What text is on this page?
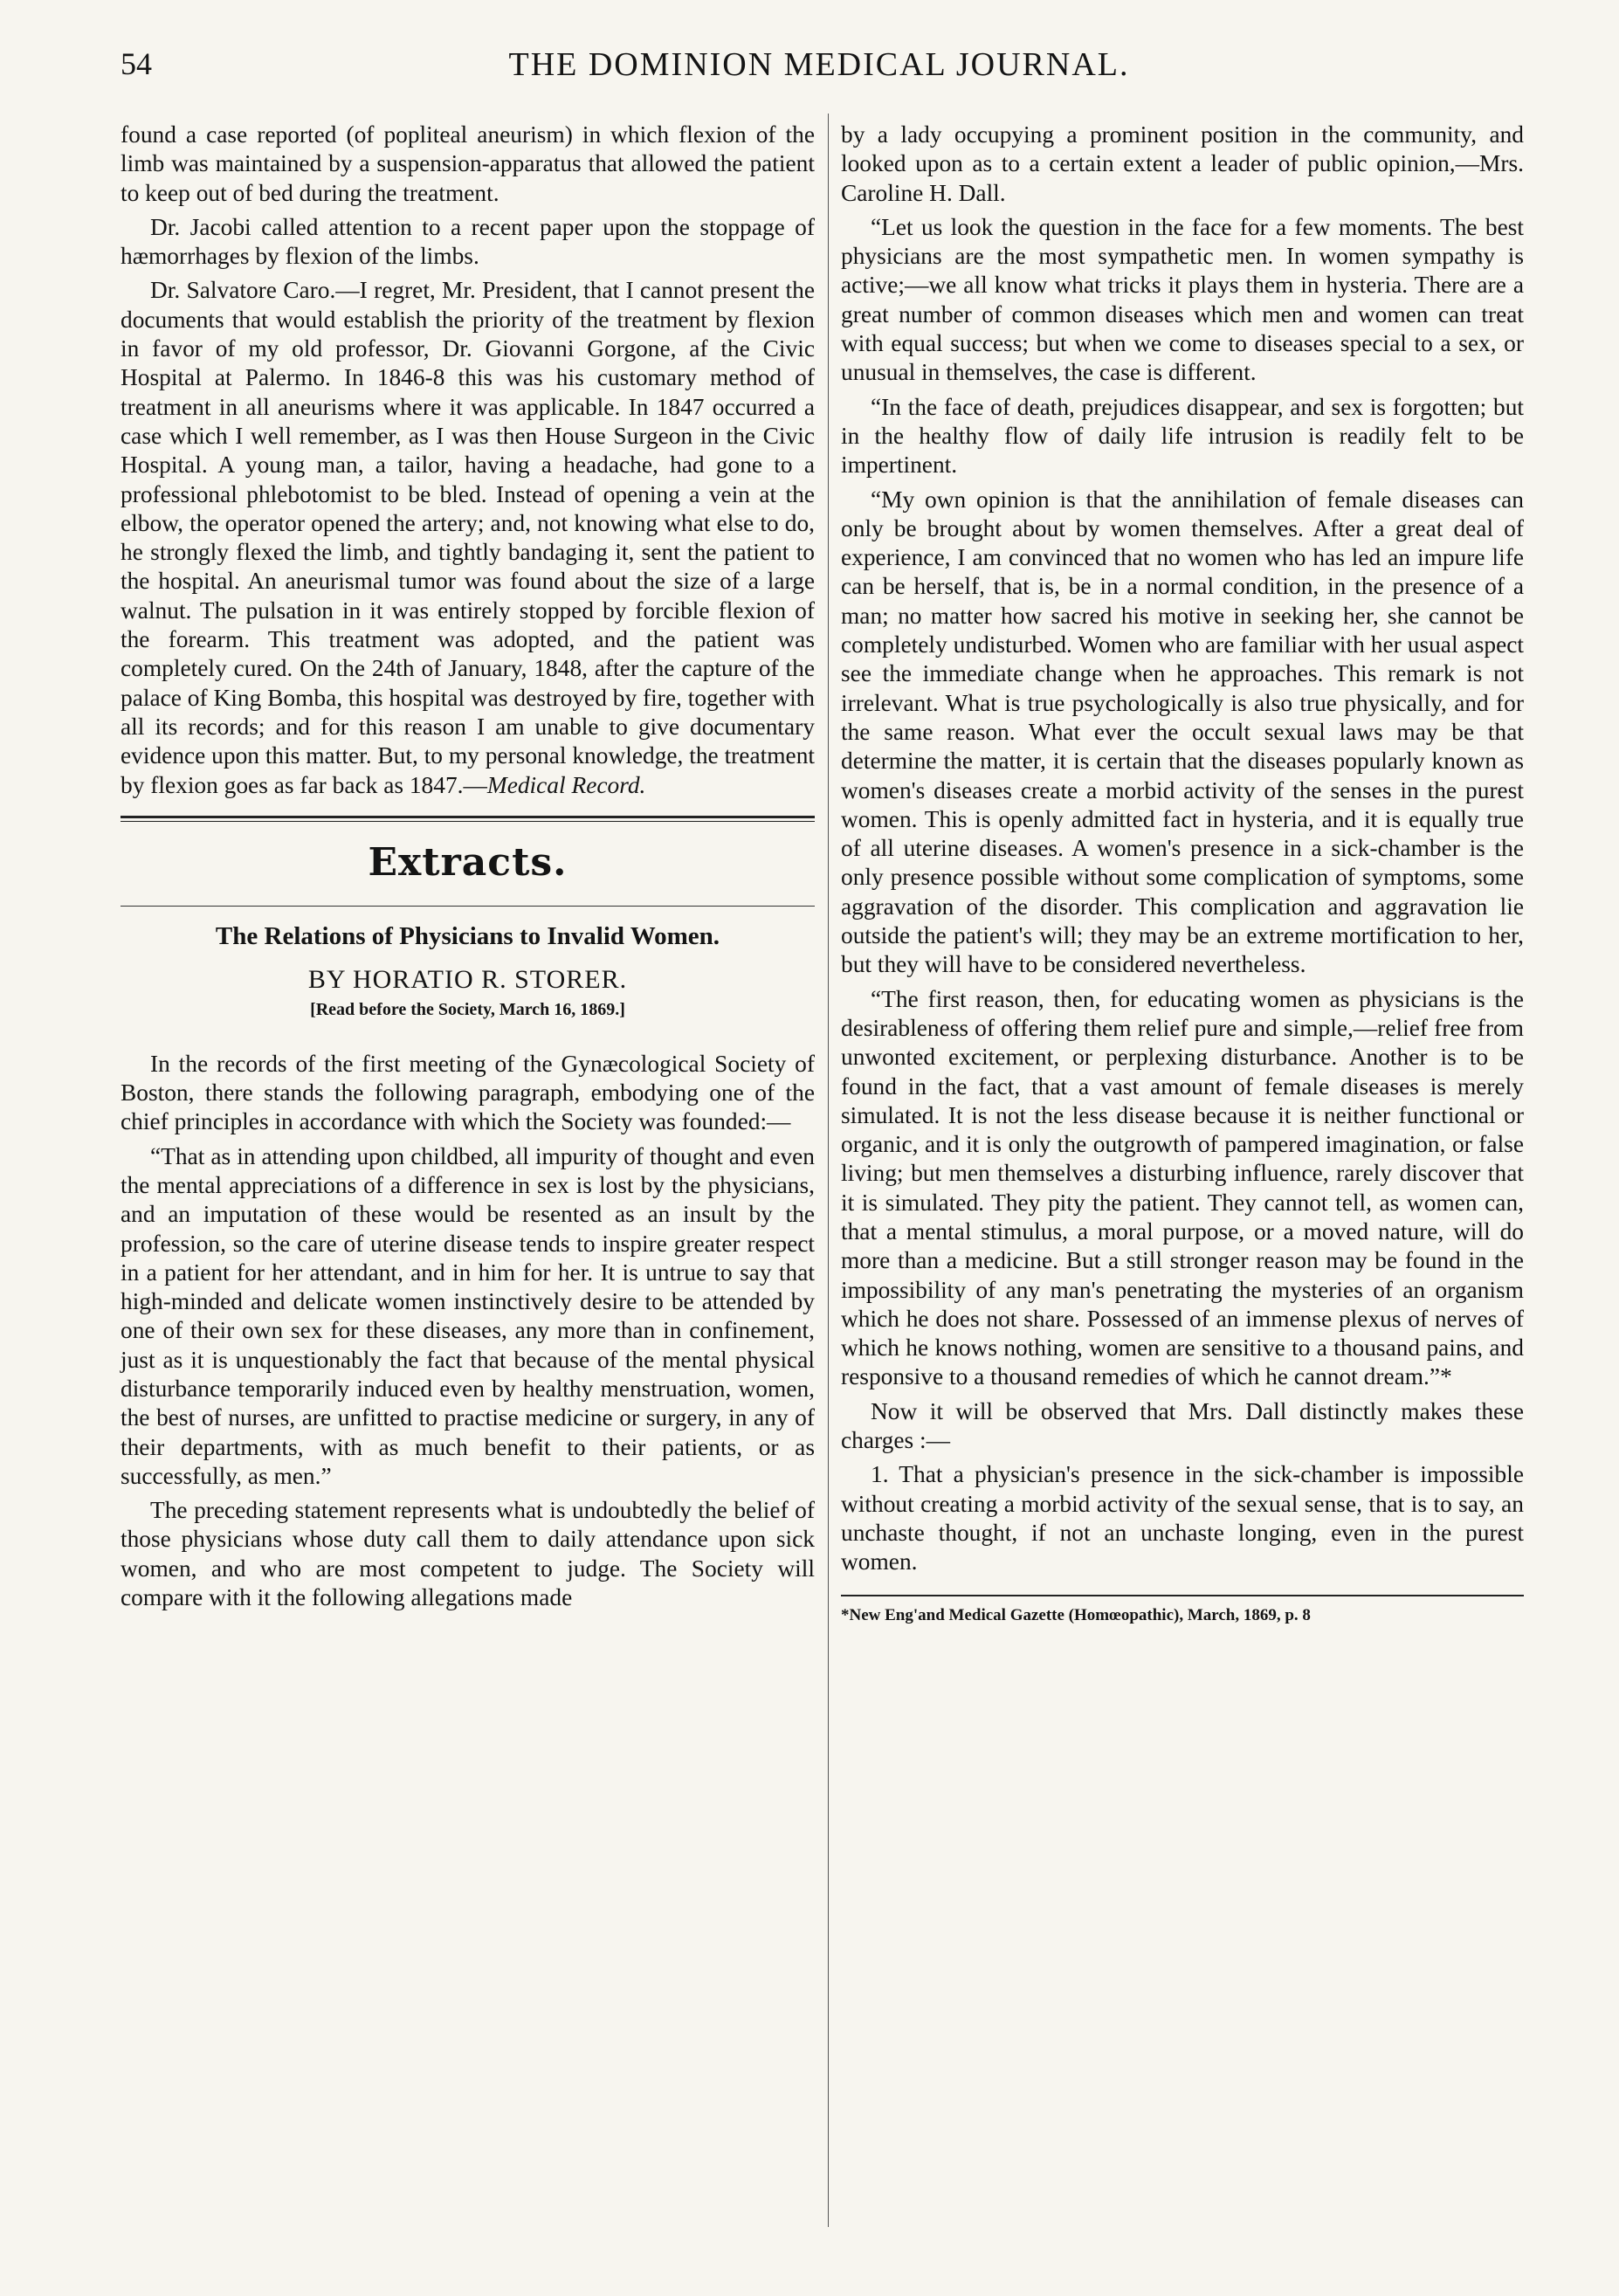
54	THE DOMINION MEDICAL JOURNAL.

found a case reported (of popliteal aneurism) in which flexion of the limb was maintained by a suspension-apparatus that allowed the patient to keep out of bed during the treatment.

Dr. Jacobi called attention to a recent paper upon the stoppage of hæmorrhages by flexion of the limbs.

Dr. Salvatore Caro.—I regret, Mr. President, that I cannot present the documents that would establish the priority of the treatment by flexion in favor of my old professor, Dr. Giovanni Gorgone, af the Civic Hospital at Palermo. In 1846-8 this was his customary method of treatment in all aneurisms where it was applicable. In 1847 occurred a case which I well remember, as I was then House Surgeon in the Civic Hospital. A young man, a tailor, having a headache, had gone to a professional phlebotomist to be bled. Instead of opening a vein at the elbow, the operator opened the artery; and, not knowing what else to do, he strongly flexed the limb, and tightly bandaging it, sent the patient to the hospital. An aneurismal tumor was found about the size of a large walnut. The pulsation in it was entirely stopped by forcible flexion of the forearm. This treatment was adopted, and the patient was completely cured. On the 24th of January, 1848, after the capture of the palace of King Bomba, this hospital was destroyed by fire, together with all its records; and for this reason I am unable to give documentary evidence upon this matter. But, to my personal knowledge, the treatment by flexion goes as far back as 1847.—Medical Record.

Extracts.
The Relations of Physicians to Invalid Women.
BY HORATIO R. STORER.
[Read before the Society, March 16, 1869.]

In the records of the first meeting of the Gynæcological Society of Boston, there stands the following paragraph, embodying one of the chief principles in accordance with which the Society was founded:—

“That as in attending upon childbed, all impurity of thought and even the mental appreciations of a difference in sex is lost by the physicians, and an imputation of these would be resented as an insult by the profession, so the care of uterine disease tends to inspire greater respect in a patient for her attendant, and in him for her. It is untrue to say that high-minded and delicate women instinctively desire to be attended by one of their own sex for these diseases, any more than in confinement, just as it is unquestionably the fact that because of the mental physical disturbance temporarily induced even by healthy menstruation, women, the best of nurses, are unfitted to practise medicine or surgery, in any of their departments, with as much benefit to their patients, or as successfully, as men.”

The preceding statement represents what is undoubtedly the belief of those physicians whose duty call them to daily attendance upon sick women, and who are most competent to judge. The Society will compare with it the following allegations made

by a lady occupying a prominent position in the community, and looked upon as to a certain extent a leader of public opinion,—Mrs. Caroline H. Dall.

“Let us look the question in the face for a few moments. The best physicians are the most sympathetic men. In women sympathy is active;—we all know what tricks it plays them in hysteria. There are a great number of common diseases which men and women can treat with equal success; but when we come to diseases special to a sex, or unusual in themselves, the case is different.

“In the face of death, prejudices disappear, and sex is forgotten; but in the healthy flow of daily life intrusion is readily felt to be impertinent.

“My own opinion is that the annihilation of female diseases can only be brought about by women themselves. After a great deal of experience, I am convinced that no women who has led an impure life can be herself, that is, be in a normal condition, in the presence of a man; no matter how sacred his motive in seeking her, she cannot be completely undisturbed. Women who are familiar with her usual aspect see the immediate change when he approaches. This remark is not irrelevant. What is true psychologically is also true physically, and for the same reason. What ever the occult sexual laws may be that determine the matter, it is certain that the diseases popularly known as women's diseases create a morbid activity of the senses in the purest women. This is openly admitted fact in hysteria, and it is equally true of all uterine diseases. A women's presence in a sick-chamber is the only presence possible without some complication of symptoms, some aggravation of the disorder. This complication and aggravation lie outside the patient's will; they may be an extreme mortification to her, but they will have to be considered nevertheless.

“The first reason, then, for educating women as physicians is the desirableness of offering them relief pure and simple,—relief free from unwonted excitement, or perplexing disturbance. Another is to be found in the fact, that a vast amount of female diseases is merely simulated. It is not the less disease because it is neither functional or organic, and it is only the outgrowth of pampered imagination, or false living; but men themselves a disturbing influence, rarely discover that it is simulated. They pity the patient. They cannot tell, as women can, that a mental stimulus, a moral purpose, or a moved nature, will do more than a medicine. But a still stronger reason may be found in the impossibility of any man's penetrating the mysteries of an organism which he does not share. Possessed of an immense plexus of nerves of which he knows nothing, women are sensitive to a thousand pains, and responsive to a thousand remedies of which he cannot dream.”*

Now it will be observed that Mrs. Dall distinctly makes these charges :—

1. That a physician's presence in the sick-chamber is impossible without creating a morbid activity of the sexual sense, that is to say, an unchaste thought, if not an unchaste longing, even in the purest women.

*New Eng'and Medical Gazette (Homœopathic), March, 1869, p. 8
